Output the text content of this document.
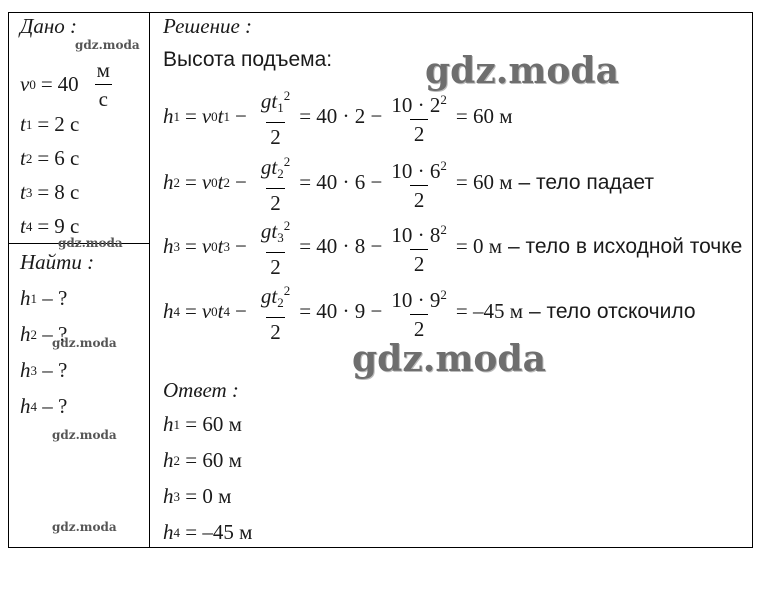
Дано :
v $0 = 40 \frac{м}{с}$
t 1 = 2 с
t 2 = 6 с
t 3 = 8 с
t 4 = 9 с
Найти :
h 1
– ?
h 2
– ?
h 3
– ?
h 4
– ?
Решение :
Высота подъема:
h 1 = v 0 t $1 - \frac{gt_1^2}{2} = 40 \cdot 2 - \frac{10 \cdot 2^2}{2} = 60$ м
h 2 = v 0 t $2 - \frac{gt_2^2}{2} = 40 \cdot 6 - \frac{10 \cdot 6^2}{2} = 60$ м – тело падает
h 3 = v 0 t $3 - \frac{gt_3^2}{2} = 40 \cdot 8 - \frac{10 \cdot 8^2}{2} = 0$ м – тело в исходной точке
h 4 = v 0 t $4 - \frac{gt_2^2}{2} = 40 \cdot 9 - \frac{10 \cdot 9^2}{2} = -45$ м – тело отскочило
Ответ :
h 1
= 60 м
h 2
= 60 м
h 3
= 0 м
h 4
= –45 м
gdz.moda
gdz.moda
gdz.moda
gdz.moda
gdz.moda
gdz.moda
gdz.moda
